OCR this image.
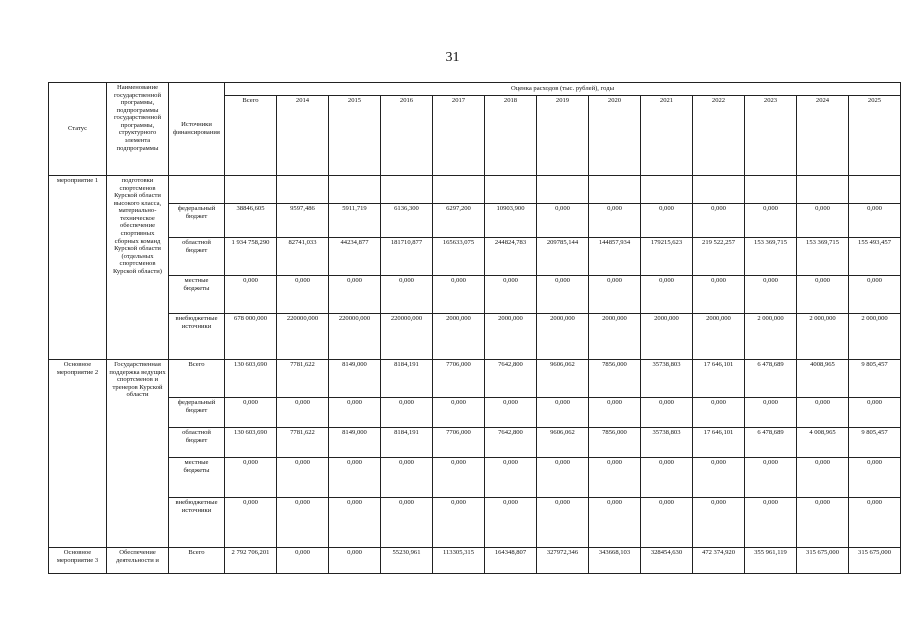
31
Статус	Наименование государственной программы, подпрограммы государственной программы, структурного элемента подпрограммы	Источники финансирования	Оценка расходов (тыс. рублей), годы												
			Всего	2014	2015	2016	2017	2018	2019	2020	2021	2022	2023	2024	2025
мероприятие 1	подготовки спортсменов Курской области высокого класса, материально-техническое обеспечение спортивных сборных команд Курской области (отдельных спортсменов Курской области)														
		федеральный бюджет	38846,605	9597,486	5911,719	6136,300	6297,200	10903,900	0,000	0,000	0,000	0,000	0,000	0,000	0,000
		областной бюджет	1 934 758,290	82741,033	44234,877	181710,877	165633,075	244824,783	209785,144	144857,934	179215,623	219 522,257	153 369,715	153 369,715	155 493,457
		местные бюджеты	0,000	0,000	0,000	0,000	0,000	0,000	0,000	0,000	0,000	0,000	0,000	0,000	0,000
		внебюджетные источники	678 000,000	220000,000	220000,000	220000,000	2000,000	2000,000	2000,000	2000,000	2000,000	2000,000	2 000,000	2 000,000	2 000,000
Основное мероприятие 2	Государственная поддержка ведущих спортсменов и тренеров Курской области	Всего	130 603,690	7781,622	8149,000	8184,191	7706,000	7642,800	9606,062	7856,000	35738,803	17 646,101	6 478,689	4008,965	9 805,457
		федеральный бюджет	0,000	0,000	0,000	0,000	0,000	0,000	0,000	0,000	0,000	0,000	0,000	0,000	0,000
		областной бюджет	130 603,690	7781,622	8149,000	8184,191	7706,000	7642,800	9606,062	7856,000	35738,803	17 646,101	6 478,689	4 008,965	9 805,457
		местные бюджеты	0,000	0,000	0,000	0,000	0,000	0,000	0,000	0,000	0,000	0,000	0,000	0,000	0,000
		внебюджетные источники	0,000	0,000	0,000	0,000	0,000	0,000	0,000	0,000	0,000	0,000	0,000	0,000	0,000
Основное мероприятие 3	Обеспечение деятельности и	Всего	2 792 706,201	0,000	0,000	55230,961	113305,315	164348,807	327972,346	343668,103	328454,630	472 374,920	355 961,119	315 675,000	315 675,000
